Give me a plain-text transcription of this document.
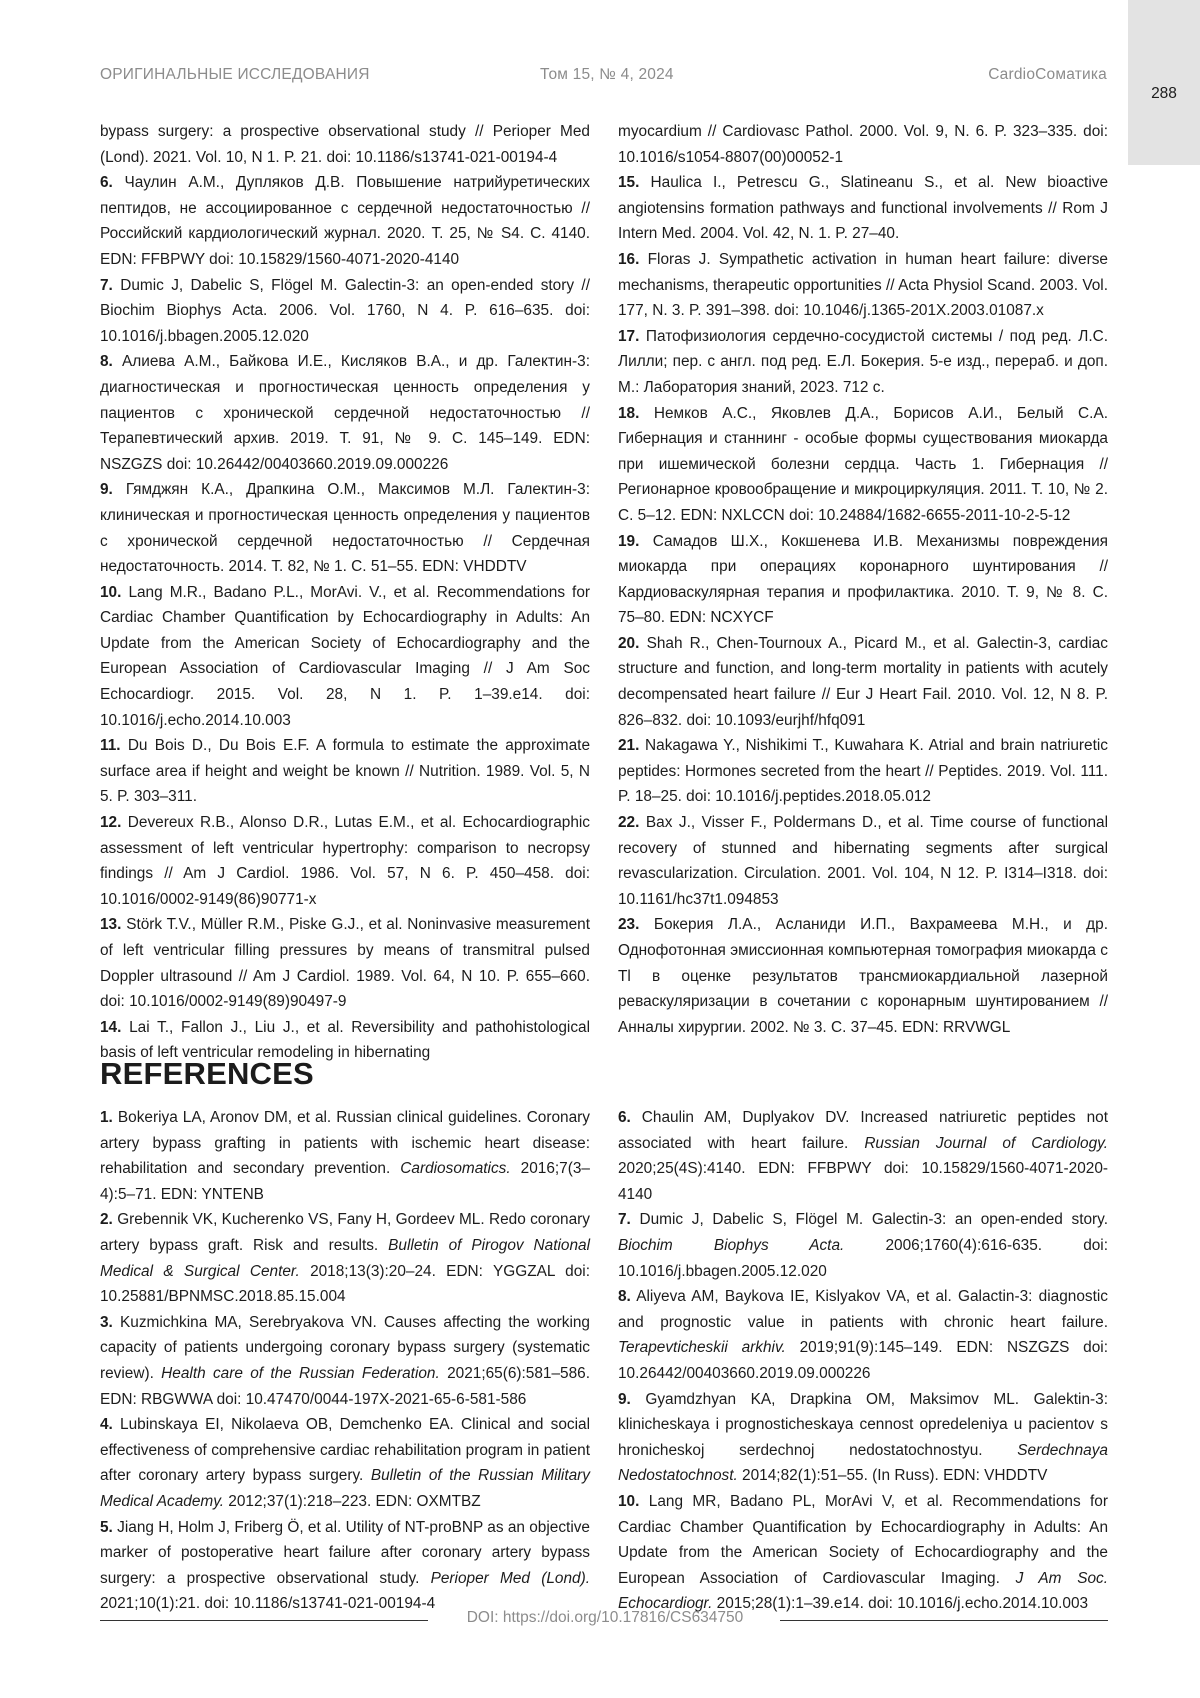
ОРИГИНАЛЬНЫЕ ИССЛЕДОВАНИЯ	Том 15, № 4, 2024	CardioСоматика
288

bypass surgery: a prospective observational study // Perioper Med (Lond). 2021. Vol. 10, N 1. P. 21. doi: 10.1186/s13741-021-00194-4

6. Чаулин А.М., Дупляков Д.В. Повышение натрийуретических пептидов, не ассоциированное с сердечной недостаточностью // Российский кардиологический журнал. 2020. Т. 25, № S4. С. 4140. EDN: FFBPWY doi: 10.15829/1560-4071-2020-4140

7. Dumic J, Dabelic S, Flögel M. Galectin-3: an open-ended story // Biochim Biophys Acta. 2006. Vol. 1760, N 4. P. 616–635. doi: 10.1016/j.bbagen.2005.12.020

8. Алиева А.М., Байкова И.Е., Кисляков В.А., и др. Галектин-3: диагностическая и прогностическая ценность определения у пациентов с хронической сердечной недостаточностью // Терапевтический архив. 2019. Т. 91, № 9. С. 145–149. EDN: NSZGZS doi: 10.26442/00403660.2019.09.000226

9. Гямджян К.А., Драпкина О.М., Максимов М.Л. Галектин-3: клиническая и прогностическая ценность определения у пациентов с хронической сердечной недостаточностью // Сердечная недостаточность. 2014. Т. 82, № 1. С. 51–55. EDN: VHDDTV

10. Lang M.R., Badano P.L., MorAvi. V., et al. Recommendations for Cardiac Chamber Quantification by Echocardiography in Adults: An Update from the American Society of Echocardiography and the European Association of Cardiovascular Imaging // J Am Soc Echocardiogr. 2015. Vol. 28, N 1. P. 1–39.e14. doi: 10.1016/j.echo.2014.10.003

11. Du Bois D., Du Bois E.F. A formula to estimate the approximate surface area if height and weight be known // Nutrition. 1989. Vol. 5, N 5. P. 303–311.

12. Devereux R.B., Alonso D.R., Lutas E.M., et al. Echocardiographic assessment of left ventricular hypertrophy: comparison to necropsy findings // Am J Cardiol. 1986. Vol. 57, N 6. P. 450–458. doi: 10.1016/0002-9149(86)90771-x

13. Störk T.V., Müller R.M., Piske G.J., et al. Noninvasive measurement of left ventricular filling pressures by means of transmitral pulsed Doppler ultrasound // Am J Cardiol. 1989. Vol. 64, N 10. P. 655–660. doi: 10.1016/0002-9149(89)90497-9

14. Lai T., Fallon J., Liu J., et al. Reversibility and pathohistological basis of left ventricular remodeling in hibernating

myocardium // Cardiovasc Pathol. 2000. Vol. 9, N. 6. P. 323–335. doi: 10.1016/s1054-8807(00)00052-1

15. Haulica I., Petrescu G., Slatineanu S., et al. New bioactive angiotensins formation pathways and functional involvements // Rom J Intern Med. 2004. Vol. 42, N. 1. P. 27–40.

16. Floras J. Sympathetic activation in human heart failure: diverse mechanisms, therapeutic opportunities // Acta Physiol Scand. 2003. Vol. 177, N. 3. P. 391–398. doi: 10.1046/j.1365-201X.2003.01087.x

17. Патофизиология сердечно-сосудистой системы / под ред. Л.С. Лилли; пер. с англ. под ред. Е.Л. Бокерия. 5-е изд., перераб. и доп. М.: Лаборатория знаний, 2023. 712 с.

18. Немков А.С., Яковлев Д.А., Борисов А.И., Белый С.А. Гибернация и станнинг - особые формы существования миокарда при ишемической болезни сердца. Часть 1. Гибернация // Регионарное кровообращение и микроциркуляция. 2011. Т. 10, № 2. С. 5–12. EDN: NXLCCN doi: 10.24884/1682-6655-2011-10-2-5-12

19. Самадов Ш.Х., Кокшенева И.В. Механизмы повреждения миокарда при операциях коронарного шунтирования // Кардиоваскулярная терапия и профилактика. 2010. Т. 9, № 8. С. 75–80. EDN: NCXYCF

20. Shah R., Chen-Tournoux A., Picard M., et al. Galectin-3, cardiac structure and function, and long-term mortality in patients with acutely decompensated heart failure // Eur J Heart Fail. 2010. Vol. 12, N 8. P. 826–832. doi: 10.1093/eurjhf/hfq091

21. Nakagawa Y., Nishikimi T., Kuwahara K. Atrial and brain natriuretic peptides: Hormones secreted from the heart // Peptides. 2019. Vol. 111. P. 18–25. doi: 10.1016/j.peptides.2018.05.012

22. Bax J., Visser F., Poldermans D., et al. Time course of functional recovery of stunned and hibernating segments after surgical revascularization. Circulation. 2001. Vol. 104, N 12. P. I314–I318. doi: 10.1161/hc37t1.094853

23. Бокерия Л.А., Асланиди И.П., Вахрамеева М.Н., и др. Однофотонная эмиссионная компьютерная томография миокарда с Tl в оценке результатов трансмиокардиальной лазерной реваскуляризации в сочетании с коронарным шунтированием // Анналы хирургии. 2002. № 3. С. 37–45. EDN: RRVWGL

REFERENCES

1. Bokeriya LA, Aronov DM, et al. Russian clinical guidelines. Coronary artery bypass grafting in patients with ischemic heart disease: rehabilitation and secondary prevention. Cardiosomatics. 2016;7(3–4):5–71. EDN: YNTENB

2. Grebennik VK, Kucherenko VS, Fany H, Gordeev ML. Redo coronary artery bypass graft. Risk and results. Bulletin of Pirogov National Medical & Surgical Center. 2018;13(3):20–24. EDN: YGGZAL doi: 10.25881/BPNMSC.2018.85.15.004

3. Kuzmichkina MA, Serebryakova VN. Causes affecting the working capacity of patients undergoing coronary bypass surgery (systematic review). Health care of the Russian Federation. 2021;65(6):581–586. EDN: RBGWWA doi: 10.47470/0044-197X-2021-65-6-581-586

4. Lubinskaya EI, Nikolaeva OB, Demchenko EA. Clinical and social effectiveness of comprehensive cardiac rehabilitation program in patient after coronary artery bypass surgery. Bulletin of the Russian Military Medical Academy. 2012;37(1):218–223. EDN: OXMTBZ

5. Jiang H, Holm J, Friberg Ö, et al. Utility of NT-proBNP as an objective marker of postoperative heart failure after coronary artery bypass surgery: a prospective observational study. Perioper Med (Lond). 2021;10(1):21. doi: 10.1186/s13741-021-00194-4

6. Chaulin AM, Duplyakov DV. Increased natriuretic peptides not associated with heart failure. Russian Journal of Cardiology. 2020;25(4S):4140. EDN: FFBPWY doi: 10.15829/1560-4071-2020-4140

7. Dumic J, Dabelic S, Flögel M. Galectin-3: an open-ended story. Biochim Biophys Acta. 2006;1760(4):616-635. doi: 10.1016/j.bbagen.2005.12.020

8. Aliyeva AM, Baykova IE, Kislyakov VA, et al. Galactin-3: diagnostic and prognostic value in patients with chronic heart failure. Terapevticheskii arkhiv. 2019;91(9):145–149. EDN: NSZGZS doi: 10.26442/00403660.2019.09.000226

9. Gyamdzhyan KA, Drapkina OM, Maksimov ML. Galektin-3: klinicheskaya i prognosticheskaya cennost opredeleniya u pacientov s hronicheskoj serdechnoj nedostatochnostyu. Serdechnaya Nedostatochnost. 2014;82(1):51–55. (In Russ). EDN: VHDDTV

10. Lang MR, Badano PL, MorAvi V, et al. Recommendations for Cardiac Chamber Quantification by Echocardiography in Adults: An Update from the American Society of Echocardiography and the European Association of Cardiovascular Imaging. J Am Soc. Echocardiogr. 2015;28(1):1–39.e14. doi: 10.1016/j.echo.2014.10.003

DOI: https://doi.org/10.17816/CS634750
